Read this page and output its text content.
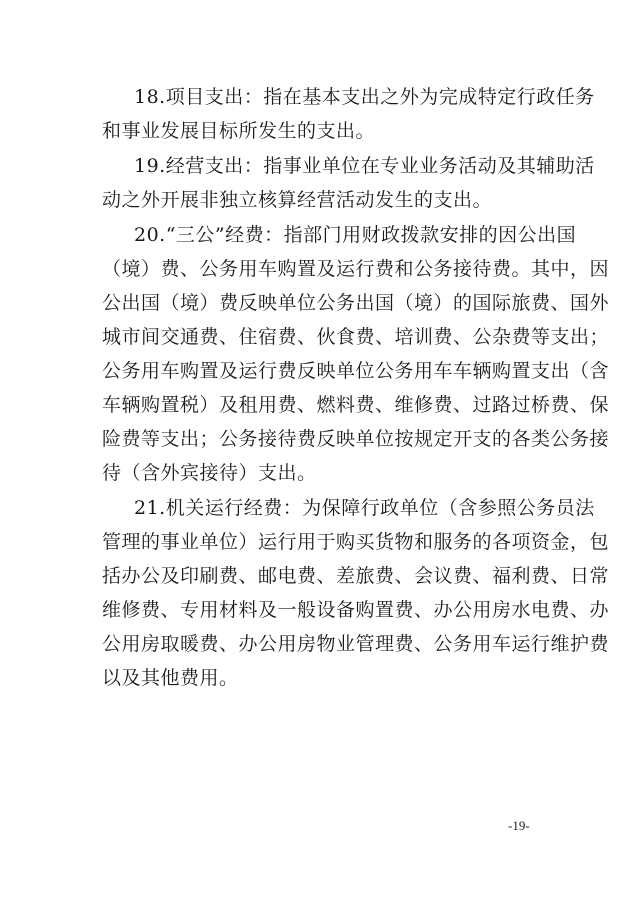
18.项目支出：指在基本支出之外为完成特定行政任务
和事业发展目标所发生的支出。
19.经营支出：指事业单位在专业业务活动及其辅助活
动之外开展非独立核算经营活动发生的支出。
20.“三公”经费：指部门用财政拨款安排的因公出国
（境）费、公务用车购置及运行费和公务接待费。其中，因
公出国（境）费反映单位公务出国（境）的国际旅费、国外
城市间交通费、住宿费、伙食费、培训费、公杂费等支出；
公务用车购置及运行费反映单位公务用车车辆购置支出（含
车辆购置税）及租用费、燃料费、维修费、过路过桥费、保
险费等支出；公务接待费反映单位按规定开支的各类公务接
待（含外宾接待）支出。
21.机关运行经费：为保障行政单位（含参照公务员法
管理的事业单位）运行用于购买货物和服务的各项资金，包
括办公及印刷费、邮电费、差旅费、会议费、福利费、日常
维修费、专用材料及一般设备购置费、办公用房水电费、办
公用房取暖费、办公用房物业管理费、公务用车运行维护费
以及其他费用。
-19-
